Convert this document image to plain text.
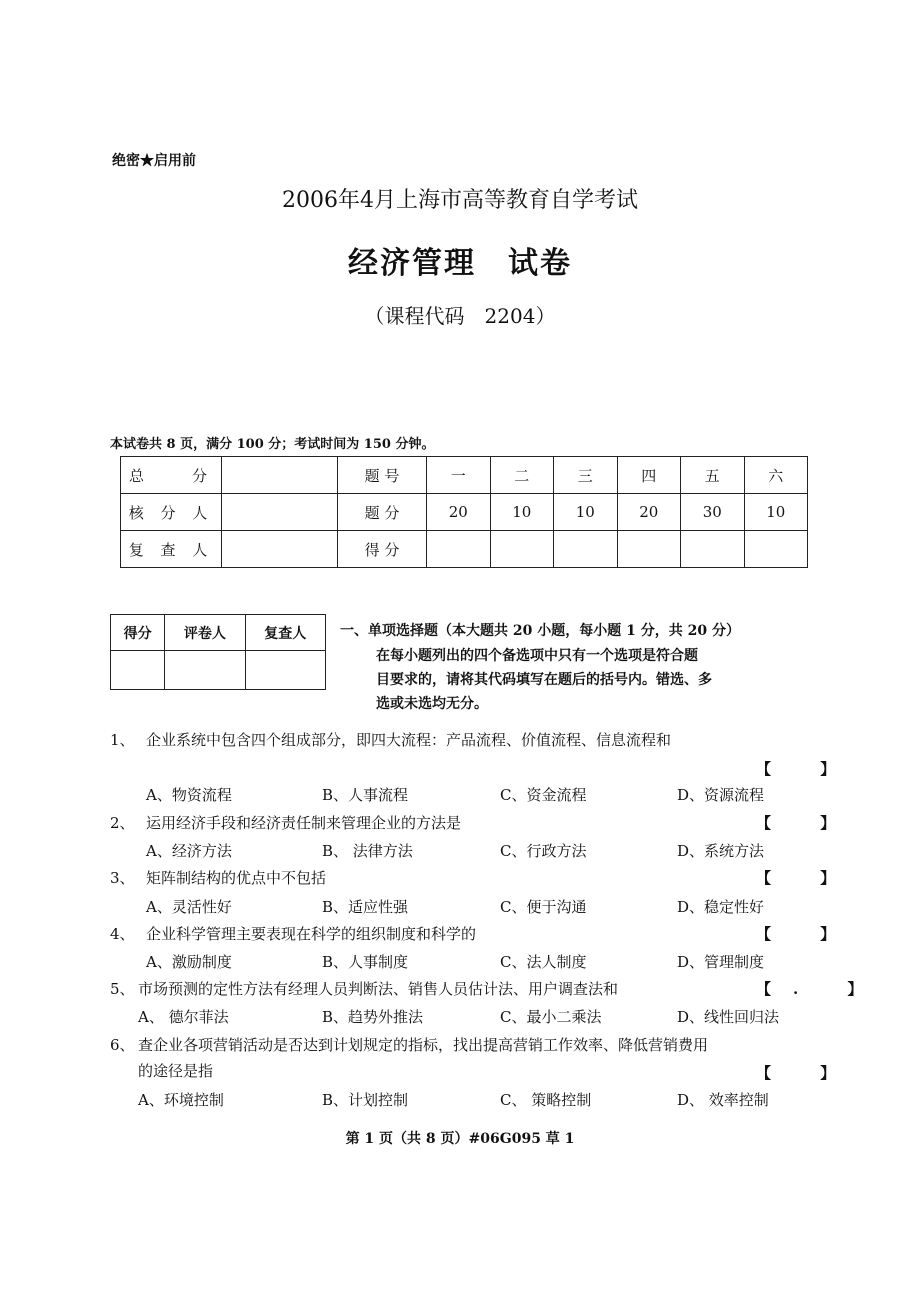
绝密★启用前
2006年4月上海市高等教育自学考试
经济管理　试卷
（课程代码　2204）
本试卷共 8 页，满分 100 分；考试时间为 150 分钟。
总　　分		题 号	一	二	三	四	五	六
核 分 人		题 分	20	10	10	20	30	10
复 查 人		得 分						
得分	评卷人	复查人
		一、单项选择题（本大题共 20 小题，每小题 1 分，共 20 分）
在每小题列出的四个备选项中只有一个选项是符合题
目要求的，请将其代码填写在题后的括号内。错选、多
选或未选均无分。
1、 企业系统中包含四个组成部分，即四大流程：产品流程、价值流程、信息流程和
【 】
A、物资流程	B、人事流程	C、资金流程	D、资源流程
2、 运用经济手段和经济责任制来管理企业的方法是	【 】
A、经济方法	B、 法律方法	C、行政方法	D、系统方法
3、 矩阵制结构的优点中不包括	【 】
A、灵活性好	B、适应性强	C、便于沟通	D、稳定性好
4、 企业科学管理主要表现在科学的组织制度和科学的	【 】
A、激励制度	B、人事制度	C、法人制度	D、管理制度
5、 市场预测的定性方法有经理人员判断法、销售人员估计法、用户调查法和	【. 】
A、 德尔菲法	B、趋势外推法	C、最小二乘法	D、线性回归法
6、 查企业各项营销活动是否达到计划规定的指标，找出提高营销工作效率、降低营销费用
的途径是指	【 】
A、环境控制	B、计划控制	C、 策略控制	D、 效率控制
第 1 页（共 8 页）#06G095 草 1
